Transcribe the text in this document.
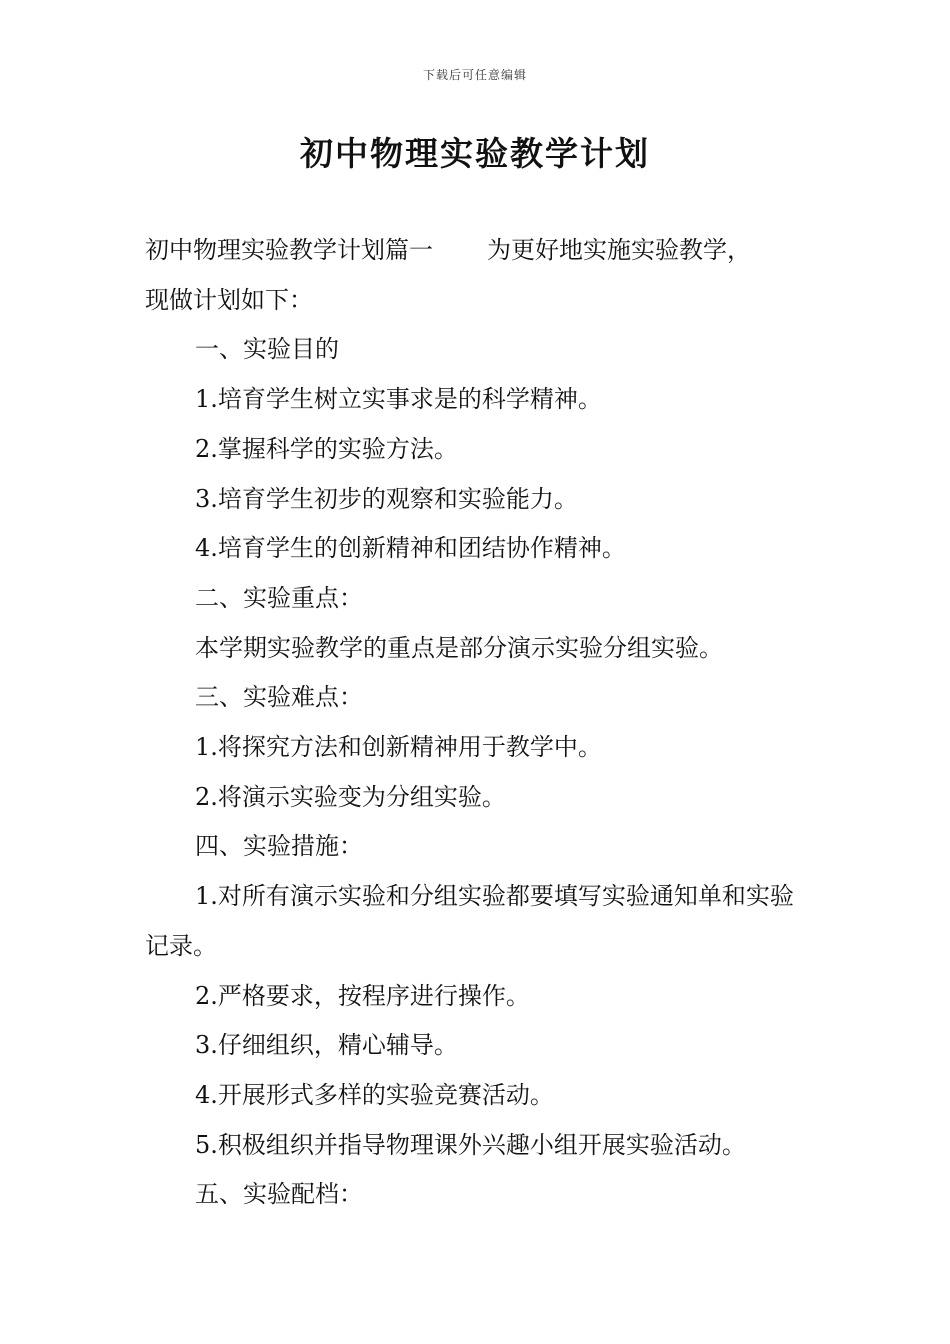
下载后可任意编辑
初中物理实验教学计划

初中物理实验教学计划篇一 为更好地实施实验教学，

现做计划如下：

一、实验目的

1.培育学生树立实事求是的科学精神。

2.掌握科学的实验方法。

3.培育学生初步的观察和实验能力。

4.培育学生的创新精神和团结协作精神。

二、实验重点：

本学期实验教学的重点是部分演示实验分组实验。

三、实验难点：

1.将探究方法和创新精神用于教学中。

2.将演示实验变为分组实验。

四、实验措施：

1.对所有演示实验和分组实验都要填写实验通知单和实验记录。

2.严格要求，按程序进行操作。

3.仔细组织，精心辅导。

4.开展形式多样的实验竞赛活动。

5.积极组织并指导物理课外兴趣小组开展实验活动。

五、实验配档：
